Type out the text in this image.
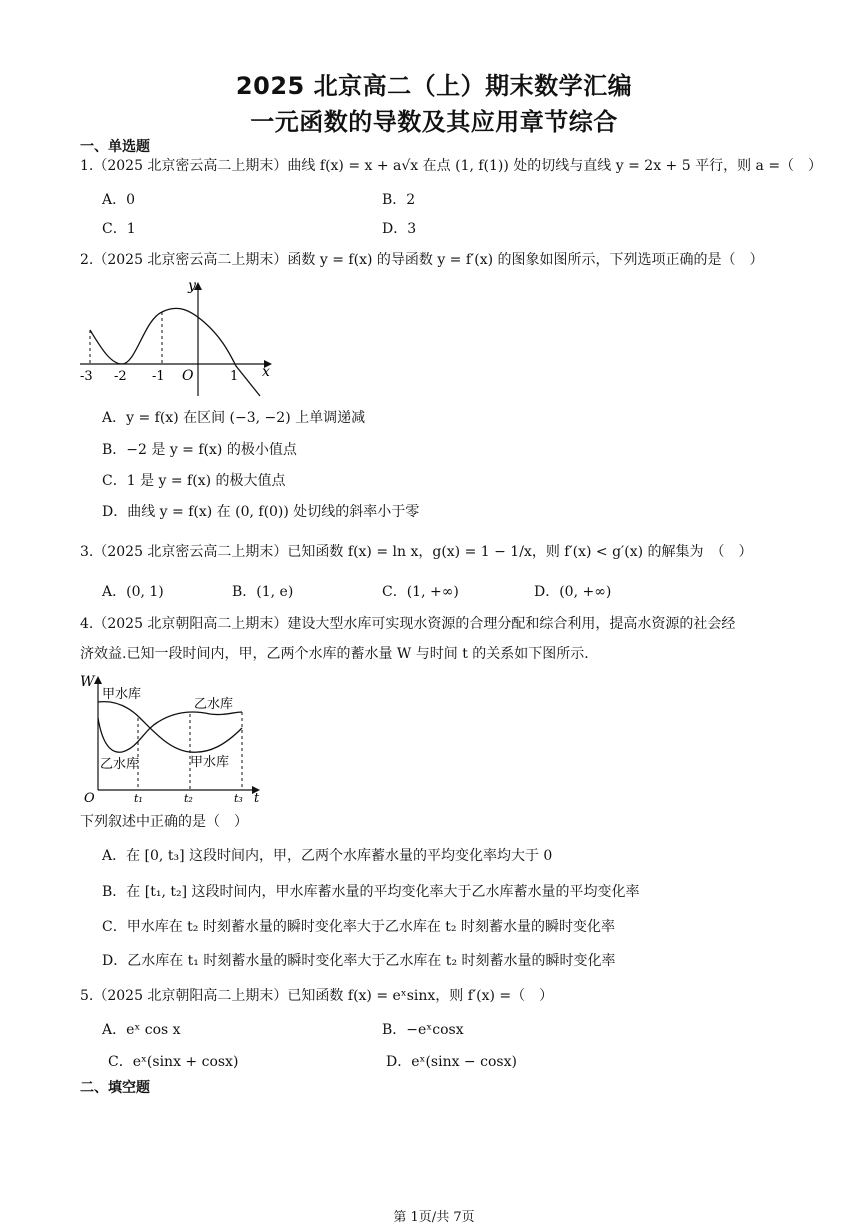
2025 北京高二（上）期末数学汇编
一元函数的导数及其应用章节综合
一、单选题
1.（2025 北京密云高二上期末）曲线 f(x) = x + a√x 在点 (1, f(1)) 处的切线与直线 y = 2x + 5 平行，则 a =（　）
A．0	B．2
C．1	D．3
2.（2025 北京密云高二上期末）函数 y = f(x) 的导函数 y = f′(x) 的图象如图所示，下列选项正确的是（　）
y
x
O
-3 -2 -1	1
A．y = f(x) 在区间 (−3, −2) 上单调递减
B．−2 是 y = f(x) 的极小值点
C．1 是 y = f(x) 的极大值点
D．曲线 y = f(x) 在 (0, f(0)) 处切线的斜率小于零
3.（2025 北京密云高二上期末）已知函数 f(x) = ln x，g(x) = 1 − 1/x，则 f′(x) < g′(x) 的解集为　（　）
A．(0, 1)	B．(1, e)	C．(1, +∞)	D．(0, +∞)
4.（2025 北京朝阳高二上期末）建设大型水库可实现水资源的合理分配和综合利用，提高水资源的社会经
济效益.已知一段时间内，甲，乙两个水库的蓄水量 W 与时间 t 的关系如下图所示.
W
t
O
甲水库
乙水库
乙水库	甲水库
t₁	t₂	t₃
下列叙述中正确的是（　）
A．在 [0, t₃] 这段时间内，甲，乙两个水库蓄水量的平均变化率均大于 0
B．在 [t₁, t₂] 这段时间内，甲水库蓄水量的平均变化率大于乙水库蓄水量的平均变化率
C．甲水库在 t₂ 时刻蓄水量的瞬时变化率大于乙水库在 t₂ 时刻蓄水量的瞬时变化率
D．乙水库在 t₁ 时刻蓄水量的瞬时变化率大于乙水库在 t₂ 时刻蓄水量的瞬时变化率
5.（2025 北京朝阳高二上期末）已知函数 f(x) = eˣsinx，则 f′(x) =（　）
A．eˣ cos x	B．−eˣcosx
C．eˣ(sinx + cosx)	D．eˣ(sinx − cosx)
二、填空题
第 1页/共 7页
